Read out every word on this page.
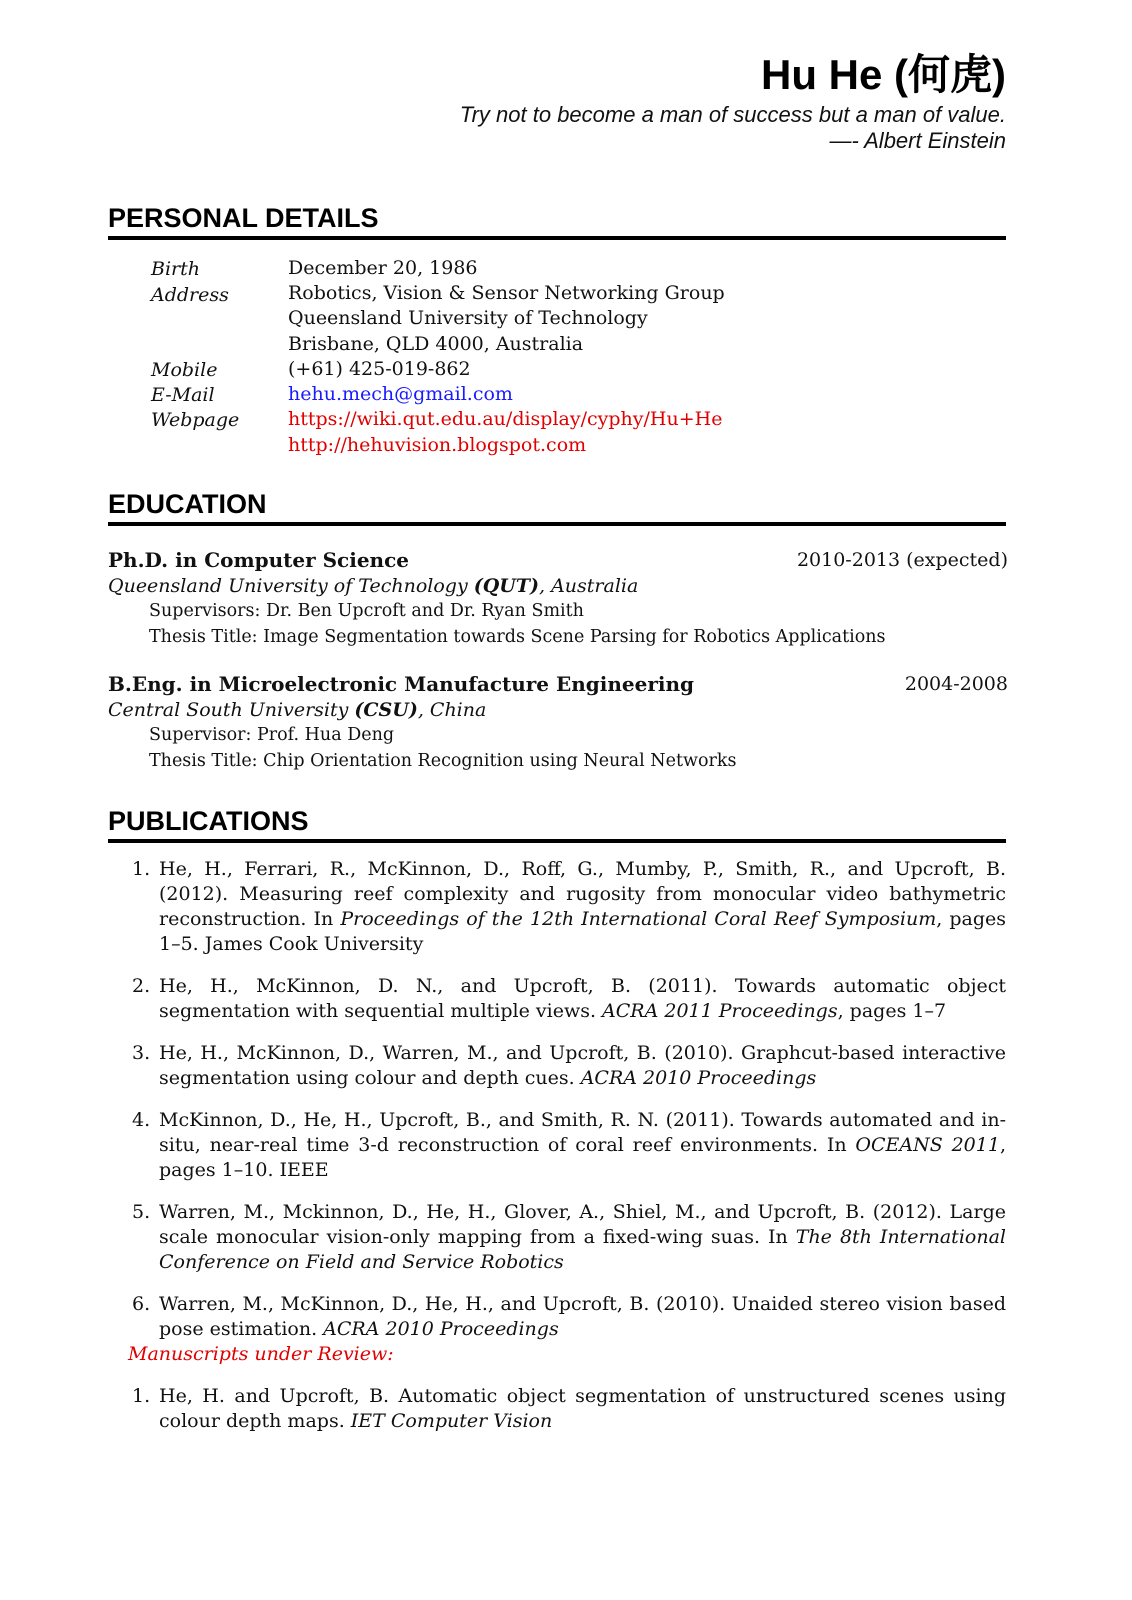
Hu He (何虎)
Try not to become a man of success but a man of value.
—- Albert Einstein
PERSONAL DETAILS
Birth	December 20, 1986
Address	Robotics, Vision & Sensor Networking Group
Queensland University of Technology
Brisbane, QLD 4000, Australia
Mobile	(+61) 425-019-862
E-Mail	hehu.mech@gmail.com
Webpage	https://wiki.qut.edu.au/display/cyphy/Hu+He
http://hehuvision.blogspot.com
EDUCATION
Ph.D. in Computer Science	2010-2013 (expected)
Queensland University of Technology (QUT), Australia
Supervisors: Dr. Ben Upcroft and Dr. Ryan Smith
Thesis Title: Image Segmentation towards Scene Parsing for Robotics Applications
B.Eng. in Microelectronic Manufacture Engineering	2004-2008
Central South University (CSU), China
Supervisor: Prof. Hua Deng
Thesis Title: Chip Orientation Recognition using Neural Networks
PUBLICATIONS
1. He, H., Ferrari, R., McKinnon, D., Roff, G., Mumby, P., Smith, R., and Upcroft, B. (2012). Measuring reef complexity and rugosity from monocular video bathymetric reconstruction. In Proceedings of the 12th International Coral Reef Symposium, pages 1–5. James Cook University
2. He, H., McKinnon, D. N., and Upcroft, B. (2011). Towards automatic object segmentation with sequential multiple views. ACRA 2011 Proceedings, pages 1–7
3. He, H., McKinnon, D., Warren, M., and Upcroft, B. (2010). Graphcut-based interactive segmentation using colour and depth cues. ACRA 2010 Proceedings
4. McKinnon, D., He, H., Upcroft, B., and Smith, R. N. (2011). Towards automated and in-situ, near-real time 3-d reconstruction of coral reef environments. In OCEANS 2011, pages 1–10. IEEE
5. Warren, M., Mckinnon, D., He, H., Glover, A., Shiel, M., and Upcroft, B. (2012). Large scale monocular vision-only mapping from a fixed-wing suas. In The 8th International Conference on Field and Service Robotics
6. Warren, M., McKinnon, D., He, H., and Upcroft, B. (2010). Unaided stereo vision based pose estimation. ACRA 2010 Proceedings
Manuscripts under Review:
1. He, H. and Upcroft, B. Automatic object segmentation of unstructured scenes using colour depth maps. IET Computer Vision
